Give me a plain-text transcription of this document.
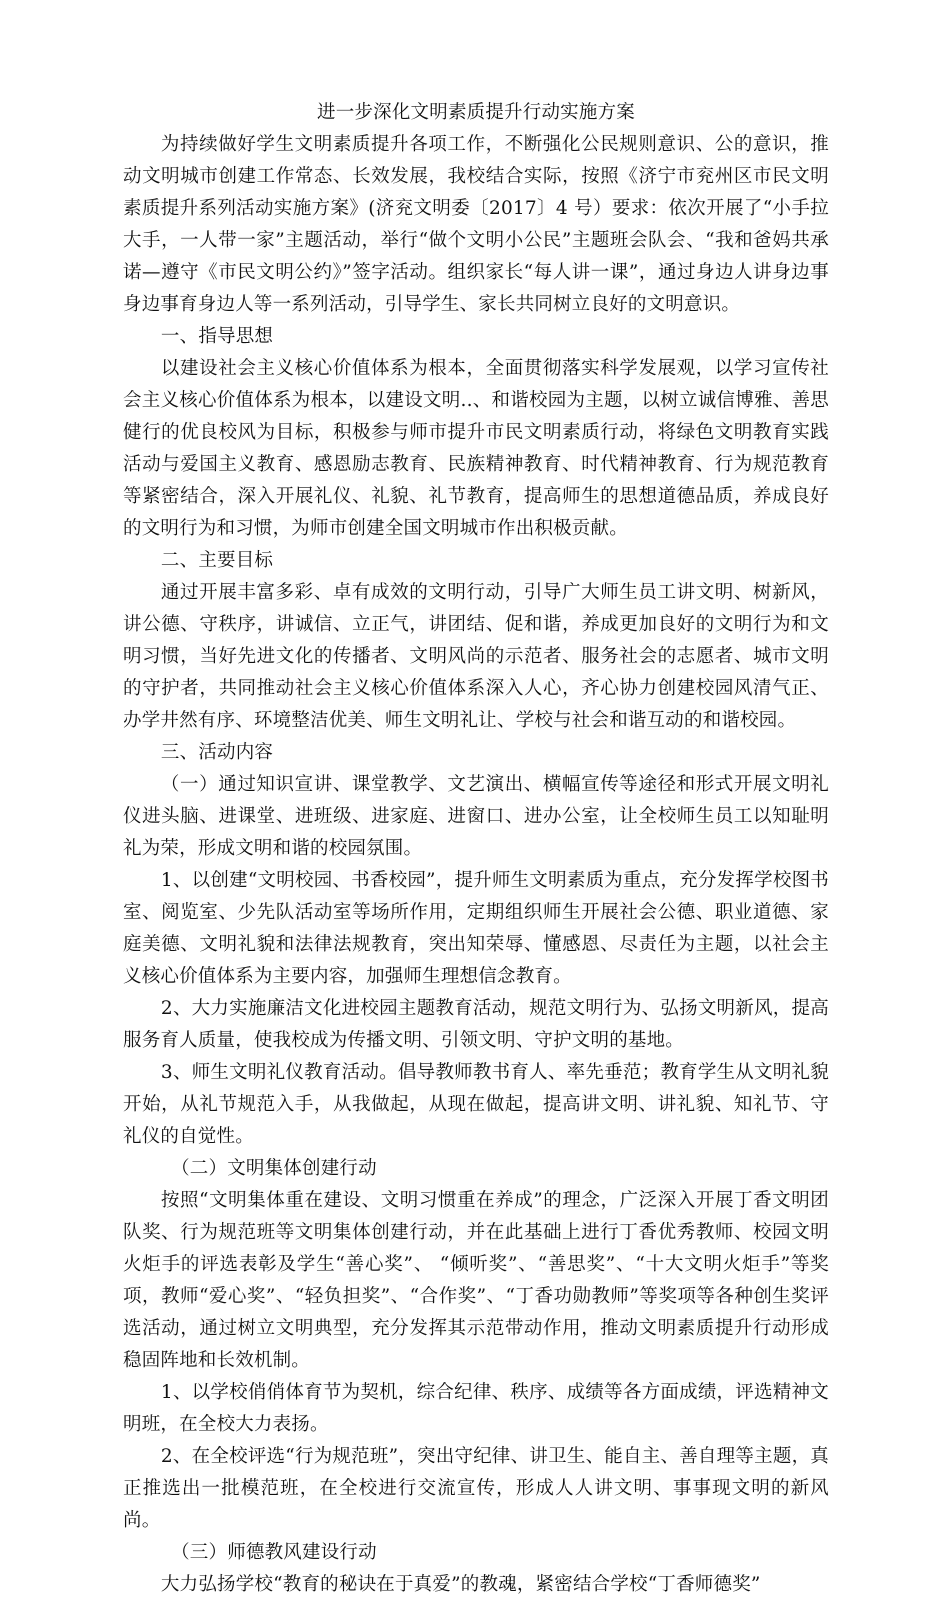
进一步深化文明素质提升行动实施方案

为持续做好学生文明素质提升各项工作，不断强化公民规则意识、公的意识，推动文明城市创建工作常态、长效发展，我校结合实际，按照《济宁市兖州区市民文明素质提升系列活动实施方案》(济兖文明委〔2017〕4 号）要求：依次开展了“小手拉大手，一人带一家”主题活动，举行“做个文明小公民”主题班会队会、“我和爸妈共承诺—遵守《市民文明公约》”签字活动。组织家长“每人讲一课”，通过身边人讲身边事身边事育身边人等一系列活动，引导学生、家长共同树立良好的文明意识。

一、指导思想

以建设社会主义核心价值体系为根本，全面贯彻落实科学发展观，以学习宣传社会主义核心价值体系为根本，以建设文明..、和谐校园为主题，以树立诚信博雅、善思健行的优良校风为目标，积极参与师市提升市民文明素质行动，将绿色文明教育实践活动与爱国主义教育、感恩励志教育、民族精神教育、时代精神教育、行为规范教育等紧密结合，深入开展礼仪、礼貌、礼节教育，提高师生的思想道德品质，养成良好的文明行为和习惯，为师市创建全国文明城市作出积极贡献。

二、主要目标

通过开展丰富多彩、卓有成效的文明行动，引导广大师生员工讲文明、树新风，讲公德、守秩序，讲诚信、立正气，讲团结、促和谐，养成更加良好的文明行为和文明习惯，当好先进文化的传播者、文明风尚的示范者、服务社会的志愿者、城市文明的守护者，共同推动社会主义核心价值体系深入人心，齐心协力创建校园风清气正、办学井然有序、环境整洁优美、师生文明礼让、学校与社会和谐互动的和谐校园。

三、活动内容

（一）通过知识宣讲、课堂教学、文艺演出、横幅宣传等途径和形式开展文明礼仪进头脑、进课堂、进班级、进家庭、进窗口、进办公室，让全校师生员工以知耻明礼为荣，形成文明和谐的校园氛围。

1、以创建“文明校园、书香校园”，提升师生文明素质为重点，充分发挥学校图书室、阅览室、少先队活动室等场所作用，定期组织师生开展社会公德、职业道德、家庭美德、文明礼貌和法律法规教育，突出知荣辱、懂感恩、尽责任为主题，以社会主义核心价值体系为主要内容，加强师生理想信念教育。

2、大力实施廉洁文化进校园主题教育活动，规范文明行为、弘扬文明新风，提高服务育人质量，使我校成为传播文明、引领文明、守护文明的基地。

3、师生文明礼仪教育活动。倡导教师教书育人、率先垂范；教育学生从文明礼貌开始，从礼节规范入手，从我做起，从现在做起，提高讲文明、讲礼貌、知礼节、守礼仪的自觉性。

（二）文明集体创建行动

按照“文明集体重在建设、文明习惯重在养成”的理念，广泛深入开展丁香文明团队奖、行为规范班等文明集体创建行动，并在此基础上进行丁香优秀教师、校园文明火炬手的评选表彰及学生“善心奖”、 “倾听奖”、“善思奖”、“十大文明火炬手”等奖项，教师“爱心奖”、“轻负担奖”、“合作奖”、“丁香功勋教师”等奖项等各种创生奖评选活动，通过树立文明典型，充分发挥其示范带动作用，推动文明素质提升行动形成稳固阵地和长效机制。

1、以学校俏俏体育节为契机，综合纪律、秩序、成绩等各方面成绩，评选精神文明班，在全校大力表扬。

2、在全校评选“行为规范班”，突出守纪律、讲卫生、能自主、善自理等主题，真正推选出一批模范班，在全校进行交流宣传，形成人人讲文明、事事现文明的新风尚。

（三）师德教风建设行动

大力弘扬学校“教育的秘诀在于真爱”的教魂，紧密结合学校“丁香师德奖”
